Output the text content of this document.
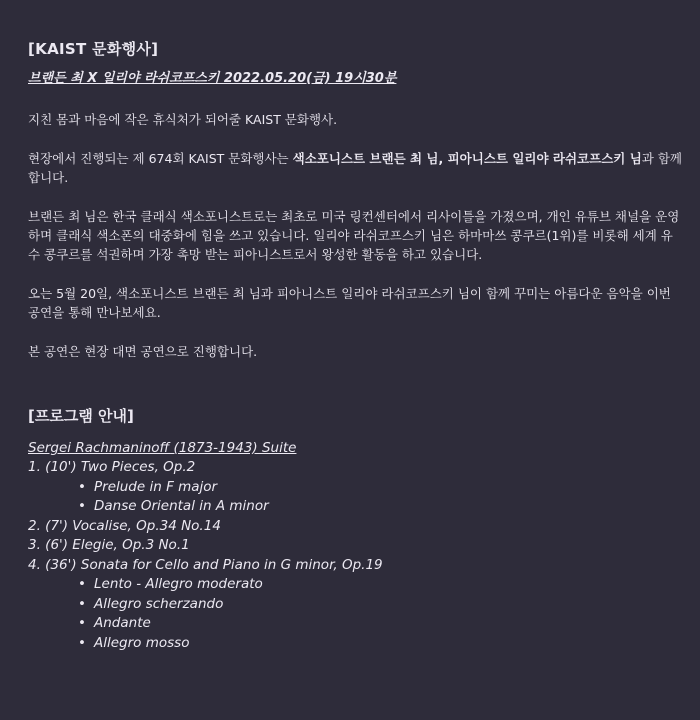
[KAIST 문화행사]
브랜든 최 X 일리야 라쉬코프스키 2022.05.20(금) 19시30분

지친 몸과 마음에 작은 휴식처가 되어줄 KAIST 문화행사.

현장에서 진행되는 제 674회 KAIST 문화행사는 색소포니스트 브랜든 최 님, 피아니스트 일리야 라쉬코프스키 님과 함께합니다.

브랜든 최 님은 한국 클래식 색소포니스트로는 최초로 미국 링컨센터에서 리사이틀을 가졌으며, 개인 유튜브 채널을 운영하며 클래식 색소폰의 대중화에 힘을 쓰고 있습니다. 일리야 라쉬코프스키 님은 하마마쓰 콩쿠르(1위)를 비롯해 세계 유수 콩쿠르를 석권하며 가장 촉망 받는 피아니스트로서 왕성한 활동을 하고 있습니다.

오는 5월 20일, 색소포니스트 브랜든 최 님과 피아니스트 일리야 라쉬코프스키 님이 함께 꾸미는 아름다운 음악을 이번 공연을 통해 만나보세요.

본 공연은 현장 대면 공연으로 진행합니다.

[프로그램 안내]
Sergei Rachmaninoff (1873-1943) Suite
1. (10') Two Pieces, Op.2
• Prelude in F major
• Danse Oriental in A minor
2. (7') Vocalise, Op.34 No.14
3. (6') Elegie, Op.3 No.1
4. (36') Sonata for Cello and Piano in G minor, Op.19
• Lento - Allegro moderato
• Allegro scherzando
• Andante
• Allegro mosso
